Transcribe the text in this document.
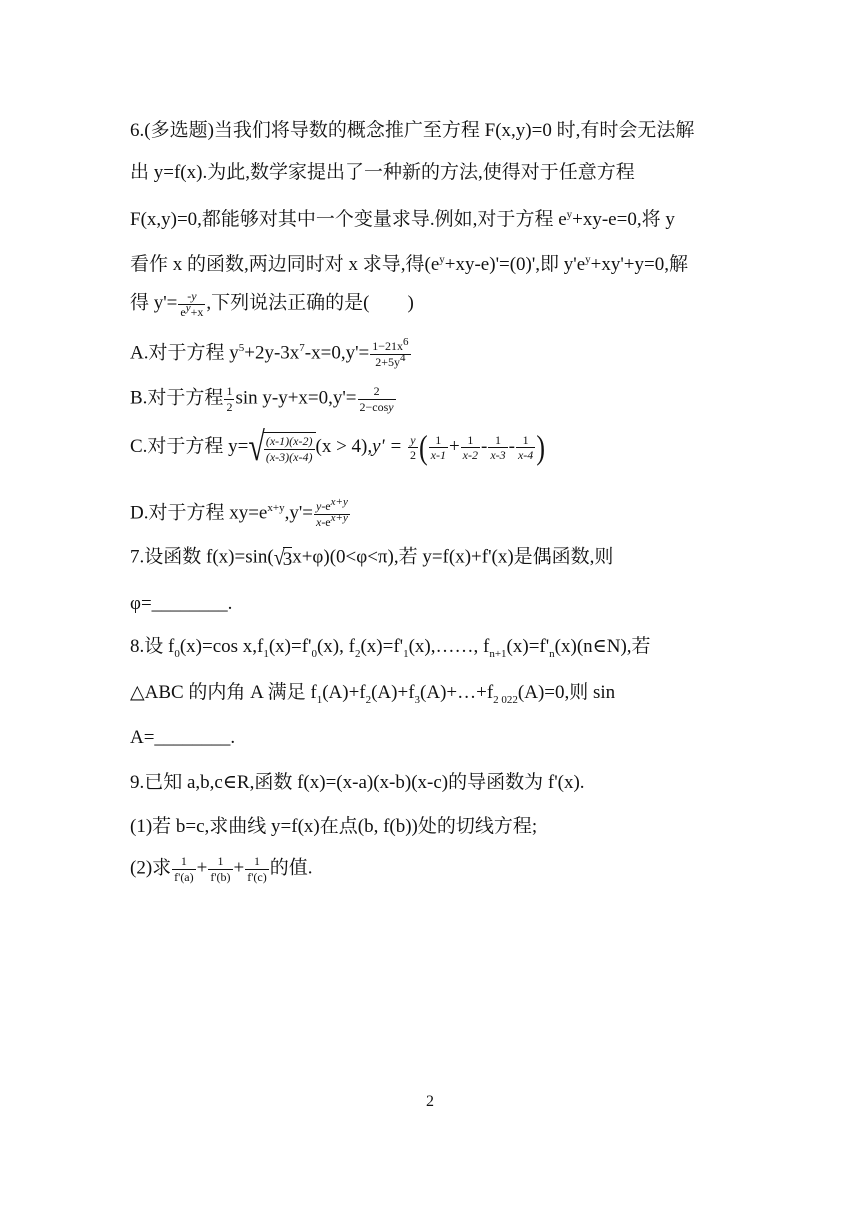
6.(多选题)当我们将导数的概念推广至方程 F(x,y)=0 时,有时会无法解
出 y=f(x).为此,数学家提出了一种新的方法,使得对于任意方程
F(x,y)=0,都能够对其中一个变量求导.例如,对于方程 $e^y+xy-e=0$,将 y
看作 x 的函数,两边同时对 x 求导,得$(e^y+xy-e)'=(0)'$,即 $y'e^y+xy'+y=0$,解
得 $y'= \frac{-y}{e^y+x}$ ,下列说法正确的是(　　)
A.对于方程 $y^5+2y-3x^7-x=0,y'= \frac{1-21x^6}{2+5y^4}$
B.对于方程 $\frac{1}{2}$ $\sin y-y+x=0,y'= \frac{2}{2-\cos y}$
C.对于方程 $y=√ \frac{(x-1)(x-2)}{(x-3)(x-4)} (x > 4),y' = \frac{y}{2}$ ( $\frac{1}{x-1} + \frac{1}{x-2} - \frac{1}{x-3} - \frac{1}{x-4}$ )
D.对于方程 $xy=e^{x+y},y'= \frac{y-e^{x+y}}{x-e^{x+y}}$
7.设函数 f(x)=sin(√3x+φ)(0<φ<π),若 y=f(x)+f'(x)是偶函数,则
φ=________.
8.设 $f_0(x)=\cos$ $x,f_1(x)=f'_0(x)$, $f_2(x)=f'_1(x),\dots\dots$, $f_{n+1}(x)=f'_n(x)(n\in N)$,若
△ABC 的内角 A 满足 $f_1(A)+f_2(A)+f_3(A)+\dots+f_{2 022}(A)=0$,则 sin
A=________.
9.已知 a,b,c∈R,函数 f(x)=(x-a)(x-b)(x-c)的导函数为 f'(x).
(1)若 b=c,求曲线 y=f(x)在点(b, f(b))处的切线方程;
(2)求 $\frac{1}{f'(a)} + \frac{1}{f'(b)} + \frac{1}{f'(c)}$ 的值.
2
